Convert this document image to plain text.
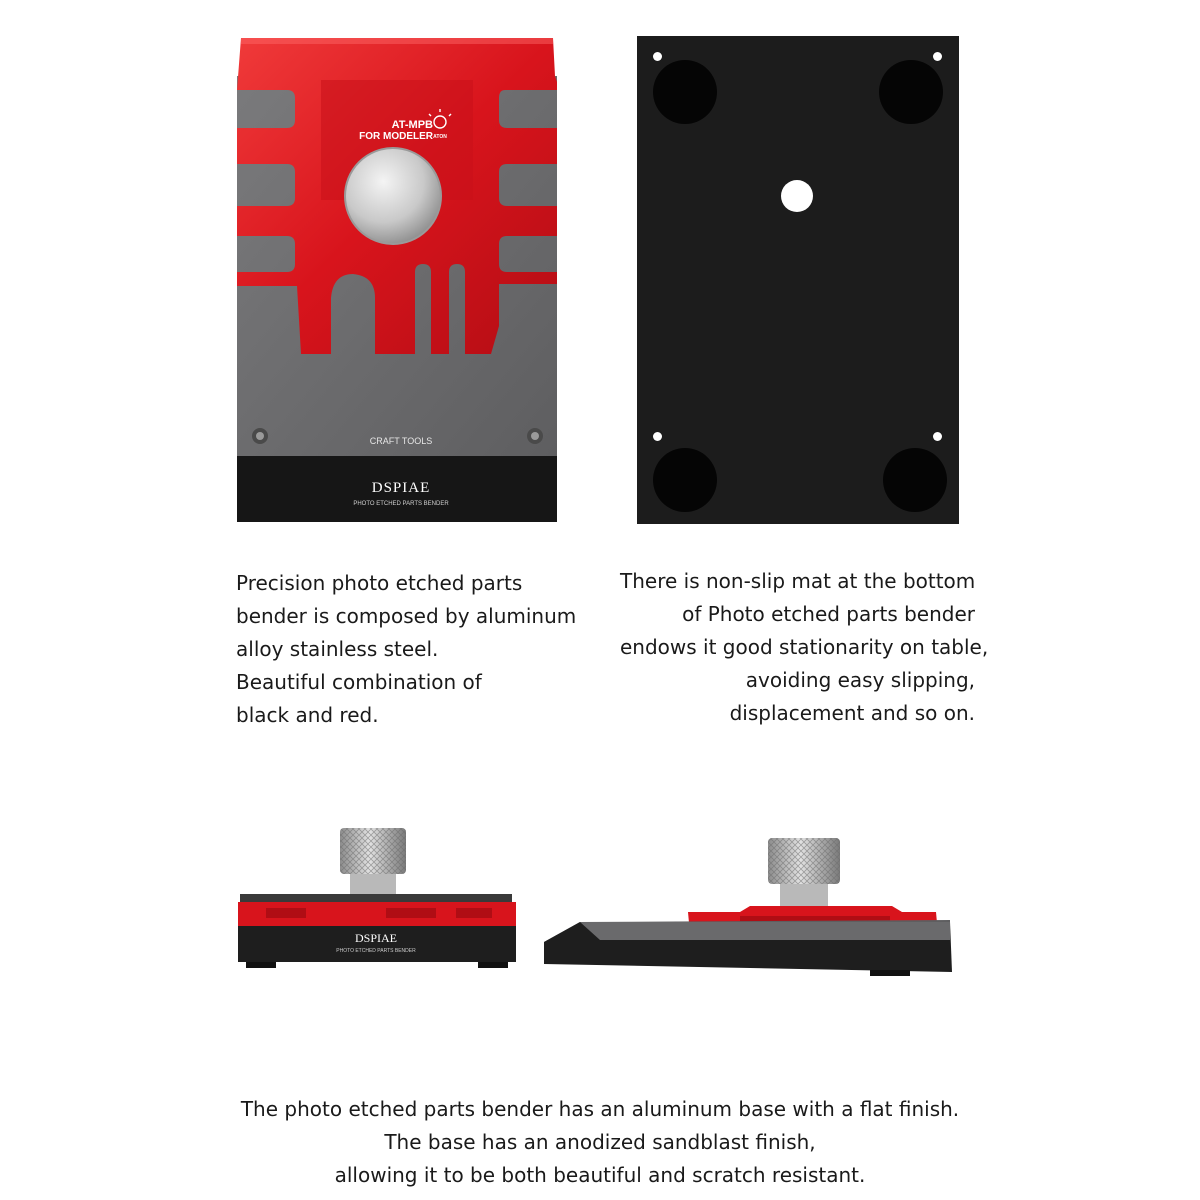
AT-MPB
FOR MODELER ATON
CRAFT TOOLS
DSPIAE
PHOTO ETCHED PARTS BENDER
Precision photo etched parts
bender is composed by aluminum
alloy stainless steel.
Beautiful combination of
black and red.
There is non-slip mat at the bottom
of Photo etched parts bender
endows it good stationarity on table,
avoiding easy slipping,
displacement and so on.
DSPIAE
PHOTO ETCHED PARTS BENDER
The photo etched parts bender has an aluminum base with a flat finish.
The base has an anodized sandblast finish,
allowing it to be both beautiful and scratch resistant.
